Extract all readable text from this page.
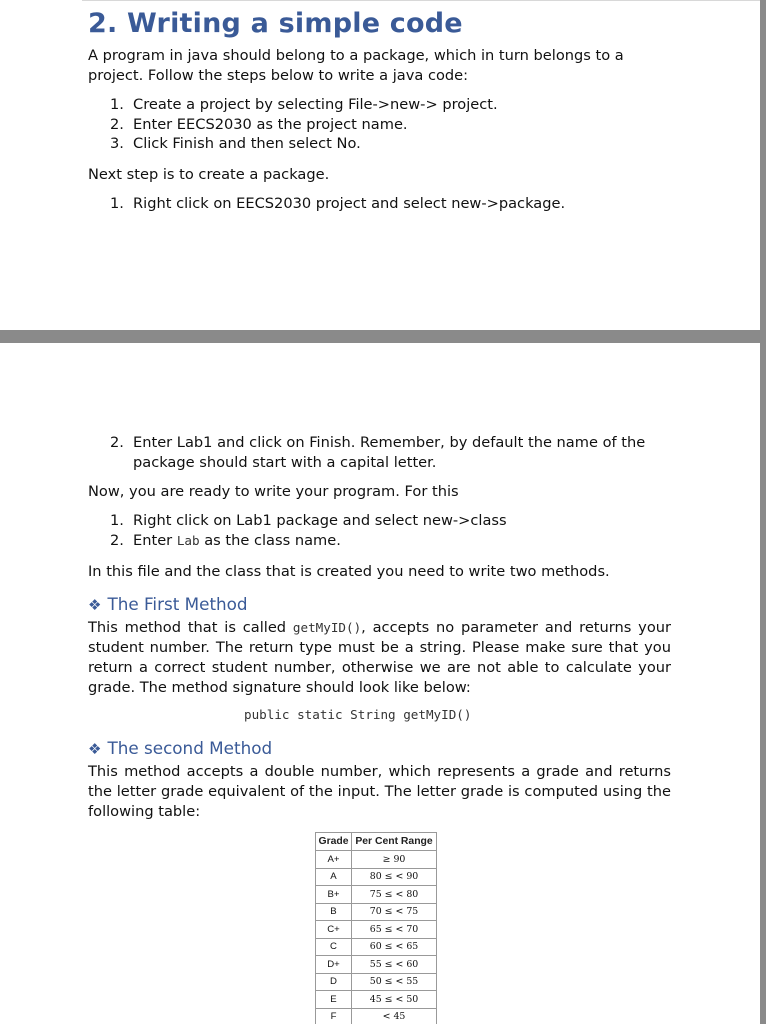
2. Writing a simple code
A program in java should belong to a package, which in turn belongs to a project. Follow the steps below to write a java code:
1. Create a project by selecting File->new-> project.
2. Enter EECS2030 as the project name.
3. Click Finish and then select No.
Next step is to create a package.
1. Right click on EECS2030 project and select new->package.
2. Enter Lab1 and click on Finish. Remember, by default the name of the package should start with a capital letter.
Now, you are ready to write your program. For this
1. Right click on Lab1 package and select new->class
2. Enter Lab as the class name.
In this file and the class that is created you need to write two methods.
❖ The First Method
This method that is called getMyID(), accepts no parameter and returns your student number. The return type must be a string. Please make sure that you return a correct student number, otherwise we are not able to calculate your grade. The method signature should look like below:
public static String getMyID()
❖ The second Method
This method accepts a double number, which represents a grade and returns the letter grade equivalent of the input. The letter grade is computed using the following table:
Grade	Per Cent Range
A+	≥ 90
A	80 ≤ < 90
B+	75 ≤ < 80
B	70 ≤ < 75
C+	65 ≤ < 70
C	60 ≤ < 65
D+	55 ≤ < 60
D	50 ≤ < 55
E	45 ≤ < 50
F	< 45
